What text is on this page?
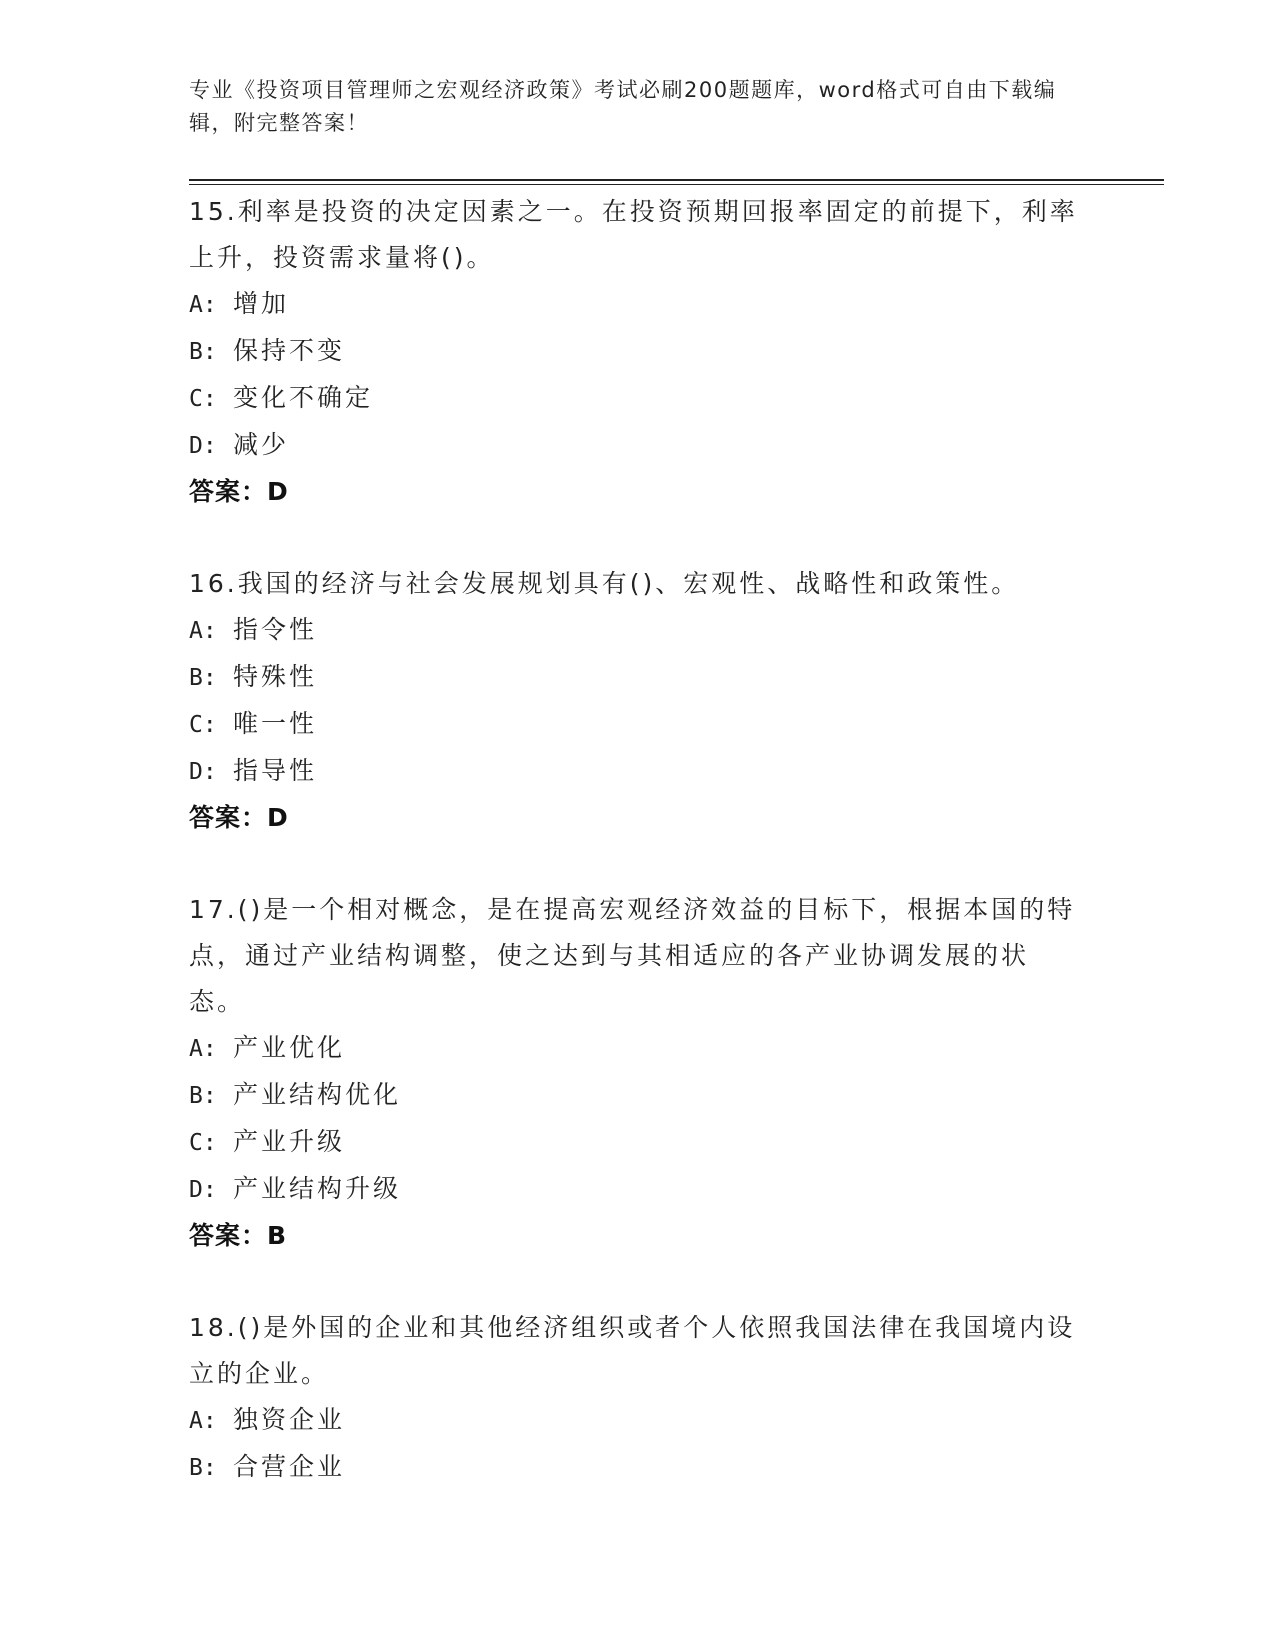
专业《投资项目管理师之宏观经济政策》考试必刷200题题库，word格式可自由下载编辑，附完整答案！
15.利率是投资的决定因素之一。在投资预期回报率固定的前提下，利率上升，投资需求量将()。
A: 增加
B: 保持不变
C: 变化不确定
D: 减少
答案：D
16.我国的经济与社会发展规划具有()、宏观性、战略性和政策性。
A: 指令性
B: 特殊性
C: 唯一性
D: 指导性
答案：D
17.()是一个相对概念，是在提高宏观经济效益的目标下，根据本国的特点，通过产业结构调整，使之达到与其相适应的各产业协调发展的状态。
A: 产业优化
B: 产业结构优化
C: 产业升级
D: 产业结构升级
答案：B
18.()是外国的企业和其他经济组织或者个人依照我国法律在我国境内设立的企业。
A: 独资企业
B: 合营企业
